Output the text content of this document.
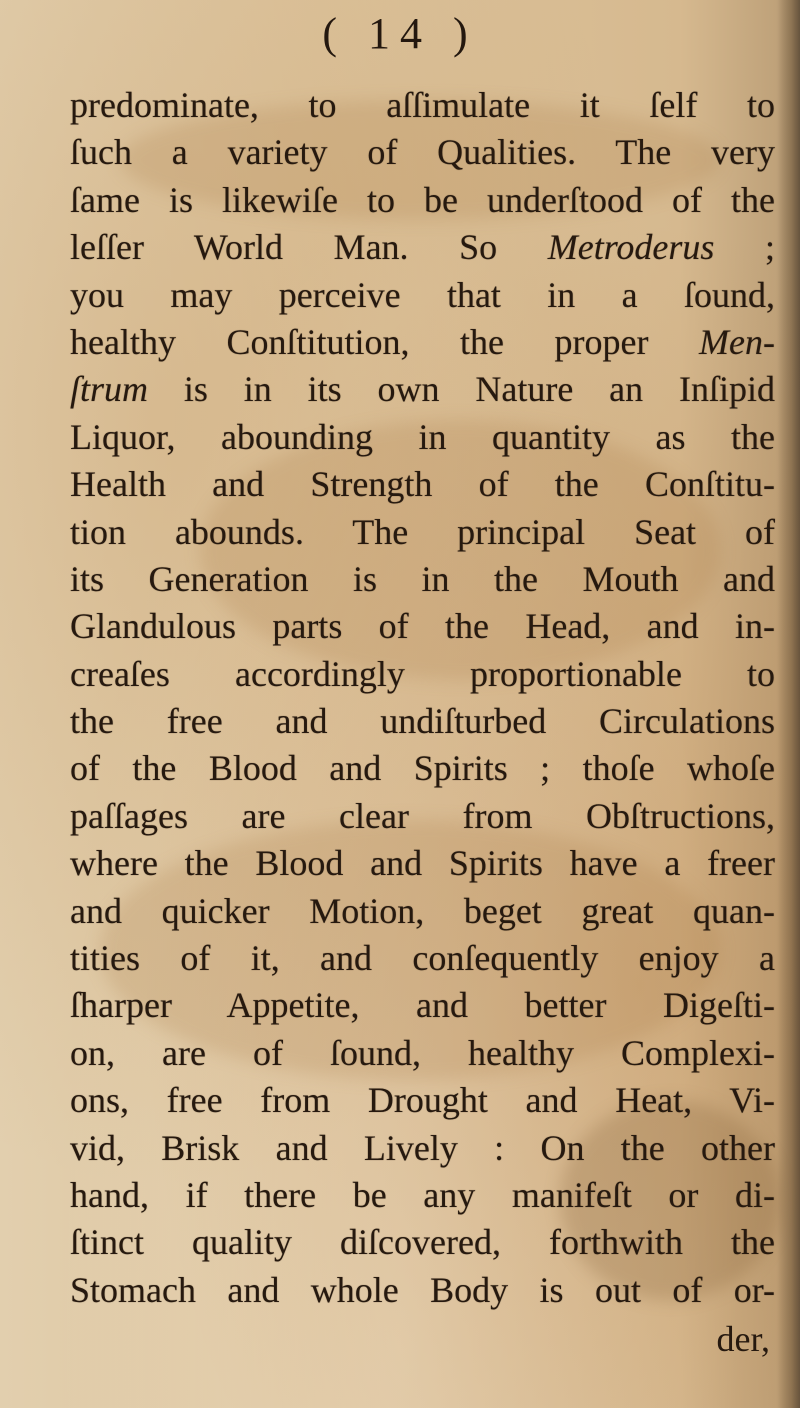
( 14 )
predominate, to aſſimulate it ſelf to
ſuch a variety of Qualities. The very
ſame is likewiſe to be underſtood of the
leſſer World Man. So Metroderus ;
you may perceive that in a ſound,
healthy Conſtitution, the proper Men-
ſtrum is in its own Nature an Inſipid
Liquor, abounding in quantity as the
Health and Strength of the Conſtitu-
tion abounds. The principal Seat of
its Generation is in the Mouth and
Glandulous parts of the Head, and in-
creaſes accordingly proportionable to
the free and undiſturbed Circulations
of the Blood and Spirits ; thoſe whoſe
paſſages are clear from Obſtructions,
where the Blood and Spirits have a freer
and quicker Motion, beget great quan-
tities of it, and conſequently enjoy a
ſharper Appetite, and better Digeſti-
on, are of ſound, healthy Complexi-
ons, free from Drought and Heat, Vi-
vid, Brisk and Lively : On the other
hand, if there be any manifeſt or di-
ſtinct quality diſcovered, forthwith the
Stomach and whole Body is out of or-
der,
